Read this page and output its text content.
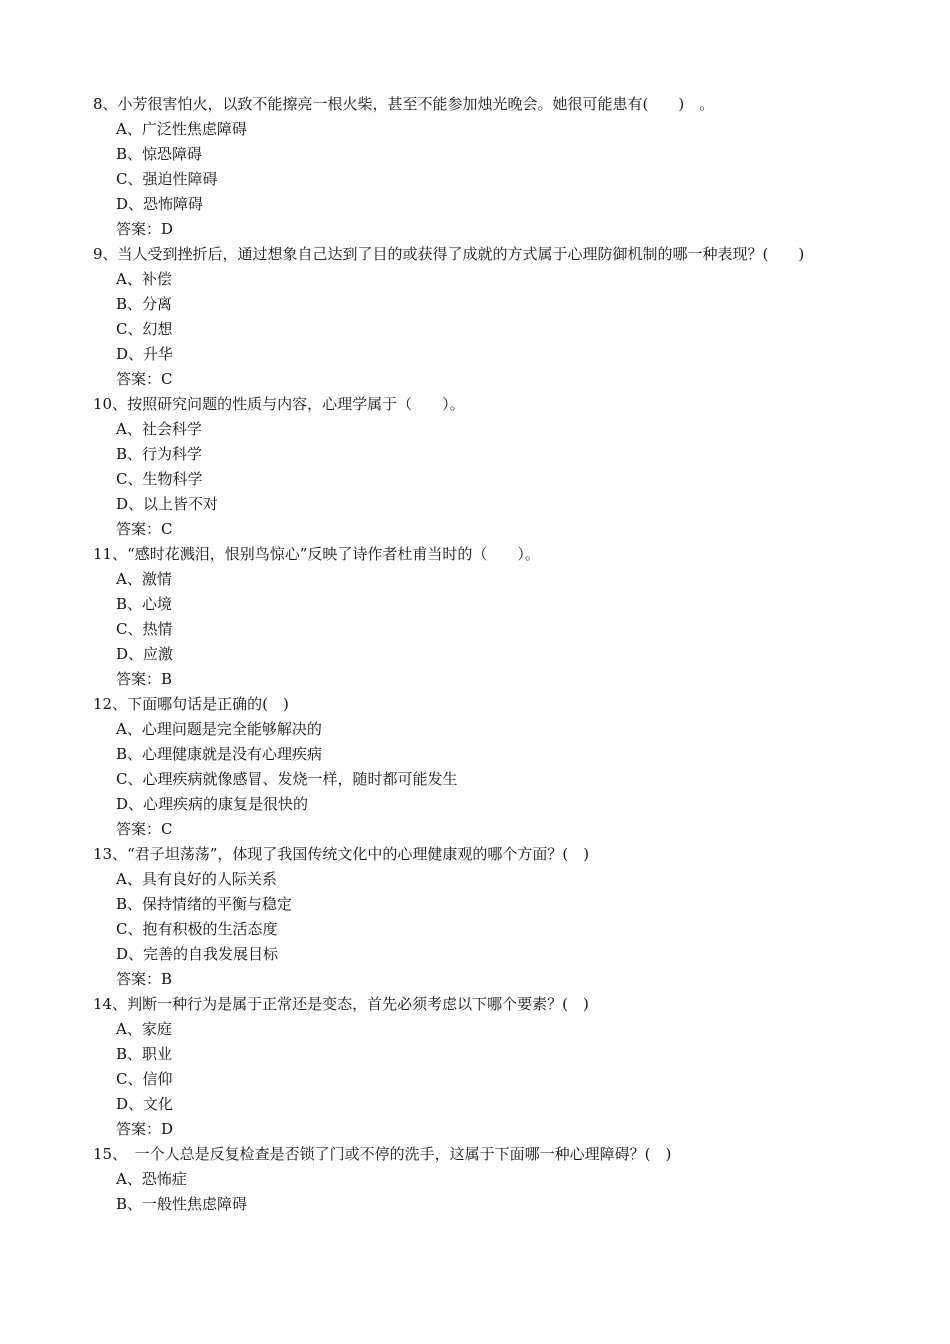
8、小芳很害怕火，以致不能擦亮一根火柴，甚至不能参加烛光晚会。她很可能患有(　　)　。
A、广泛性焦虑障碍
B、惊恐障碍
C、强迫性障碍
D、恐怖障碍
答案：D
9、当人受到挫折后，通过想象自己达到了目的或获得了成就的方式属于心理防御机制的哪一种表现？(　　)
A、补偿
B、分离
C、幻想
D、升华
答案：C
10、按照研究问题的性质与内容，心理学属于（　　）。
A、社会科学
B、行为科学
C、生物科学
D、以上皆不对
答案：C
11、“感时花溅泪，恨别鸟惊心”反映了诗作者杜甫当时的（　　）。
A、激情
B、心境
C、热情
D、应激
答案：B
12、下面哪句话是正确的(　)
A、心理问题是完全能够解决的
B、心理健康就是没有心理疾病
C、心理疾病就像感冒、发烧一样，随时都可能发生
D、心理疾病的康复是很快的
答案：C
13、“君子坦荡荡”，体现了我国传统文化中的心理健康观的哪个方面？(　)
A、具有良好的人际关系
B、保持情绪的平衡与稳定
C、抱有积极的生活态度
D、完善的自我发展目标
答案：B
14、判断一种行为是属于正常还是变态，首先必须考虑以下哪个要素？(　)
A、家庭
B、职业
C、信仰
D、文化
答案：D
15、　一个人总是反复检查是否锁了门或不停的洗手，这属于下面哪一种心理障碍？(　)
A、恐怖症
B、一般性焦虑障碍
